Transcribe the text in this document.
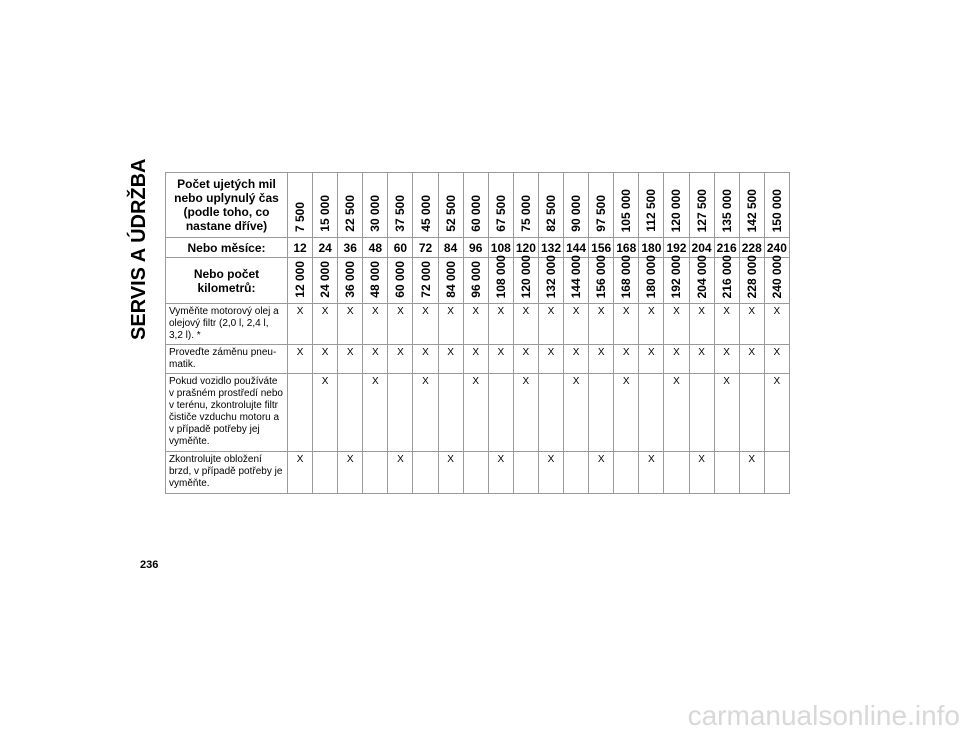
SERVIS A ÚDRŽBA Počet ujetých mil nebo uplynulý čas (podle toho, co nastane dříve)	7 500	15 000	22 500	30 000	37 500	45 000	52 500	60 000	67 500	75 000	82 500	90 000	97 500	105 000	112 500	120 000	127 500	135 000	142 500	150 000

Nebo měsíce:	12	24	36	48	60	72	84	96	108	120	132	144	156	168	180	192	204	216	228	240
Nebo počet kilometrů:	12 000	24 000	36 000	48 000	60 000	72 000	84 000	96 000	108 000	120 000	132 000	144 000	156 000	168 000	180 000	192 000	204 000	216 000	228 000	240 000

Vyměňte motorový olej a olejový filtr (2,0 l, 2,4 l, 3,2 l). *	X	X	X	X	X	X	X	X	X	X	X	X	X	X	X	X	X	X	X	X
Proveďte záměnu pneu-matik.	X	X	X	X	X	X	X	X	X	X	X	X	X	X	X	X	X	X	X	X
Pokud vozidlo používáte v prašném prostředí nebo v terénu, zkontrolujte filtr čističe vzduchu motoru a v případě potřeby jej vyměňte.		X		X		X		X		X		X		X		X		X		X
Zkontrolujte obložení brzd, v případě potřeby je vyměňte.	X		X		X		X		X		X		X		X		X		X	
236
carmanualsonline.info
